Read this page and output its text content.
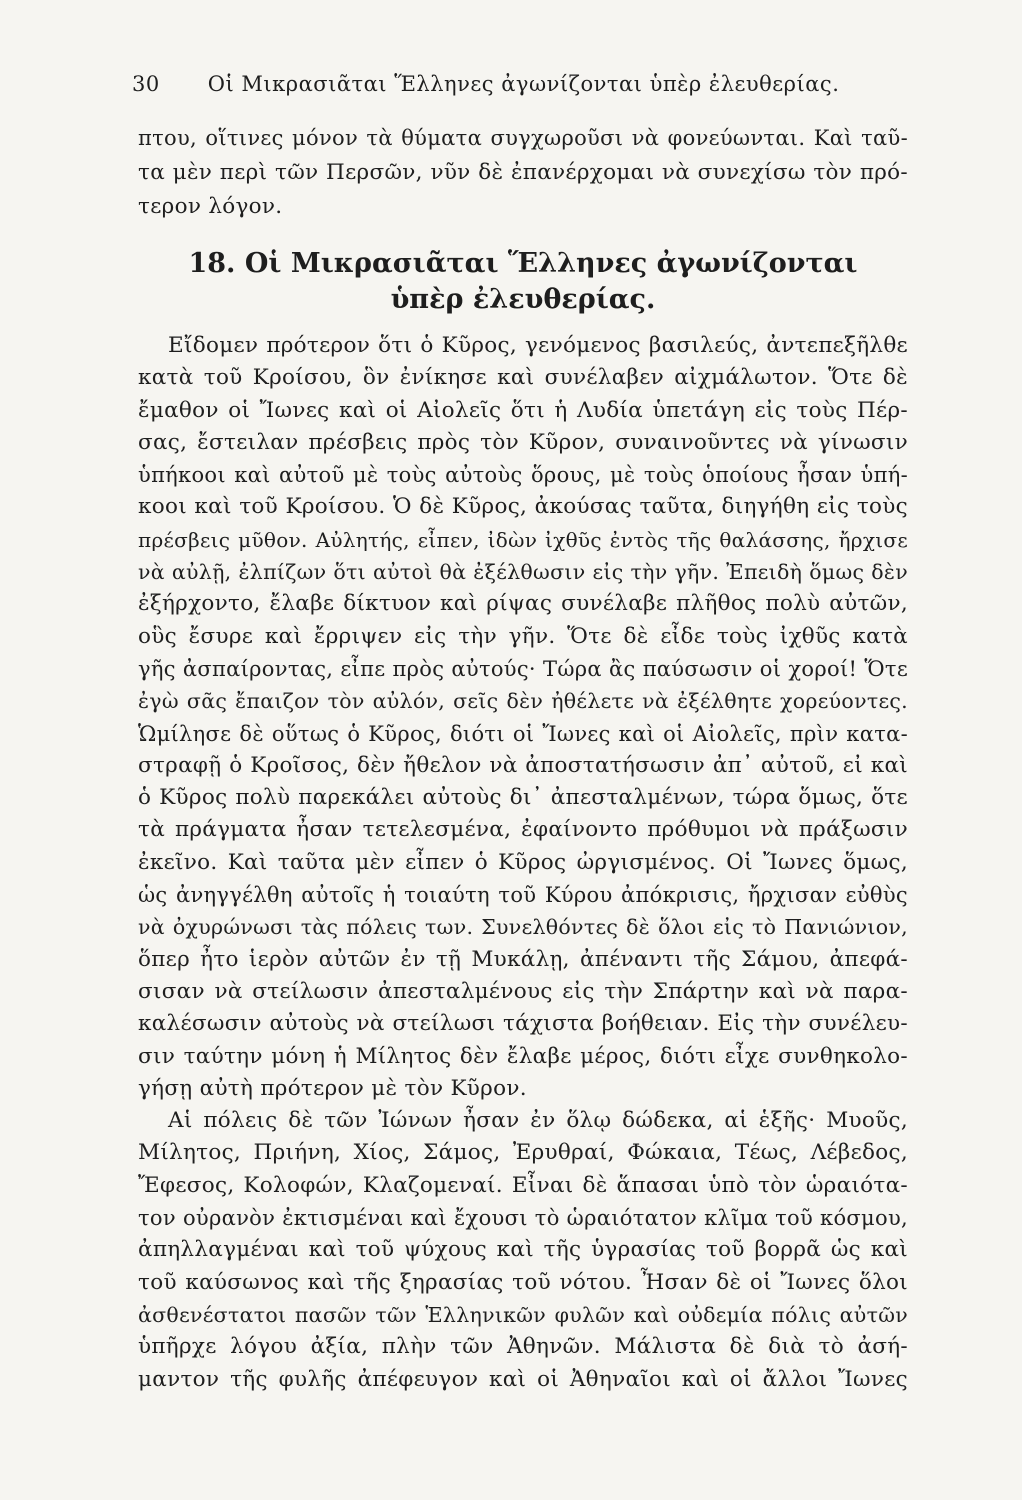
30 Οἱ Μικρασιᾶται Ἕλληνες ἀγωνίζονται ὑπὲρ ἐλευθερίας.
πτου, οἵτινες μόνον τὰ θύματα συγχωροῦσι νὰ φονεύωνται. Καὶ ταῦ-
τα μὲν περὶ τῶν Περσῶν, νῦν δὲ ἐπανέρχομαι νὰ συνεχίσω τὸν πρό-
τερον λόγον.
18. Οἱ Μικρασιᾶται Ἕλληνες ἀγωνίζονται
ὑπὲρ ἐλευθερίας.
Εἴδομεν πρότερον ὅτι ὁ Κῦρος, γενόμενος βασιλεύς, ἀντεπεξῆλθε
κατὰ τοῦ Κροίσου, ὃν ἐνίκησε καὶ συνέλαβεν αἰχμάλωτον. Ὅτε δὲ
ἔμαθον οἱ Ἴωνες καὶ οἱ Αἰολεῖς ὅτι ἡ Λυδία ὑπετάγη εἰς τοὺς Πέρ-
σας, ἔστειλαν πρέσβεις πρὸς τὸν Κῦρον, συναινοῦντες νὰ γίνωσιν
ὑπήκοοι καὶ αὐτοῦ μὲ τοὺς αὐτοὺς ὅρους, μὲ τοὺς ὁποίους ἦσαν ὑπή-
κοοι καὶ τοῦ Κροίσου. Ὁ δὲ Κῦρος, ἀκούσας ταῦτα, διηγήθη εἰς τοὺς
πρέσβεις μῦθον. Αὐλητής, εἶπεν, ἰδὼν ἰχθῦς ἐντὸς τῆς θαλάσσης, ἤρχισε
νὰ αὐλῇ, ἐλπίζων ὅτι αὐτοὶ θὰ ἐξέλθωσιν εἰς τὴν γῆν. Ἐπειδὴ ὅμως δὲν
ἐξήρχοντο, ἔλαβε δίκτυον καὶ ρίψας συνέλαβε πλῆθος πολὺ αὐτῶν,
οὓς ἔσυρε καὶ ἔρριψεν εἰς τὴν γῆν. Ὅτε δὲ εἶδε τοὺς ἰχθῦς κατὰ
γῆς ἀσπαίροντας, εἶπε πρὸς αὐτούς· Τώρα ἂς παύσωσιν οἱ χοροί! Ὅτε
ἐγὼ σᾶς ἔπαιζον τὸν αὐλόν, σεῖς δὲν ἠθέλετε νὰ ἐξέλθητε χορεύοντες.
Ὡμίλησε δὲ οὕτως ὁ Κῦρος, διότι οἱ Ἴωνες καὶ οἱ Αἰολεῖς, πρὶν κατα-
στραφῇ ὁ Κροῖσος, δὲν ἤθελον νὰ ἀποστατήσωσιν ἀπ᾽ αὐτοῦ, εἰ καὶ
ὁ Κῦρος πολὺ παρεκάλει αὐτοὺς δι᾽ ἀπεσταλμένων, τώρα ὅμως, ὅτε
τὰ πράγματα ἦσαν τετελεσμένα, ἐφαίνοντο πρόθυμοι νὰ πράξωσιν
ἐκεῖνο. Καὶ ταῦτα μὲν εἶπεν ὁ Κῦρος ὠργισμένος. Οἱ Ἴωνες ὅμως,
ὡς ἀνηγγέλθη αὐτοῖς ἡ τοιαύτη τοῦ Κύρου ἀπόκρισις, ἤρχισαν εὐθὺς
νὰ ὀχυρώνωσι τὰς πόλεις των. Συνελθόντες δὲ ὅλοι εἰς τὸ Πανιώνιον,
ὅπερ ἦτο ἱερὸν αὐτῶν ἐν τῇ Μυκάλῃ, ἀπέναντι τῆς Σάμου, ἀπεφά-
σισαν νὰ στείλωσιν ἀπεσταλμένους εἰς τὴν Σπάρτην καὶ νὰ παρα-
καλέσωσιν αὐτοὺς νὰ στείλωσι τάχιστα βοήθειαν. Εἰς τὴν συνέλευ-
σιν ταύτην μόνη ἡ Μίλητος δὲν ἔλαβε μέρος, διότι εἶχε συνθηκολο-
γήσῃ αὐτὴ πρότερον μὲ τὸν Κῦρον.
Αἱ πόλεις δὲ τῶν Ἰώνων ἦσαν ἐν ὅλῳ δώδεκα, αἱ ἑξῆς· Μυοῦς,
Μίλητος, Πριήνη, Χίος, Σάμος, Ἐρυθραί, Φώκαια, Τέως, Λέβεδος,
Ἔφεσος, Κολοφών, Κλαζομεναί. Εἶναι δὲ ἅπασαι ὑπὸ τὸν ὡραιότα-
τον οὐρανὸν ἐκτισμέναι καὶ ἔχουσι τὸ ὡραιότατον κλῖμα τοῦ κόσμου,
ἀπηλλαγμέναι καὶ τοῦ ψύχους καὶ τῆς ὑγρασίας τοῦ βορρᾶ ὡς καὶ
τοῦ καύσωνος καὶ τῆς ξηρασίας τοῦ νότου. Ἦσαν δὲ οἱ Ἴωνες ὅλοι
ἀσθενέστατοι πασῶν τῶν Ἑλληνικῶν φυλῶν καὶ οὐδεμία πόλις αὐτῶν
ὑπῆρχε λόγου ἀξία, πλὴν τῶν Ἀθηνῶν. Μάλιστα δὲ διὰ τὸ ἀσή-
μαντον τῆς φυλῆς ἀπέφευγον καὶ οἱ Ἀθηναῖοι καὶ οἱ ἄλλοι Ἴωνες
